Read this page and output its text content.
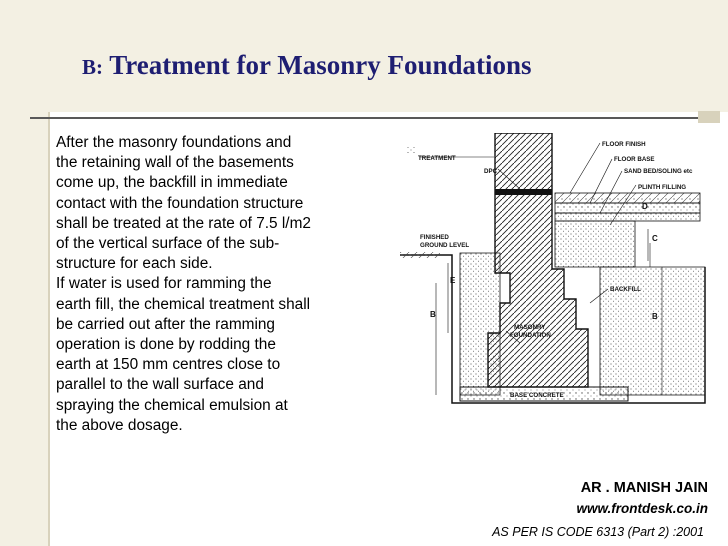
B: Treatment for Masonry Foundations
After the masonry foundations and
the retaining wall of the basements
come up, the backfill in immediate
contact with the foundation structure
shall be treated at the rate of 7.5 l/m2
of the vertical surface of the sub-
structure for each side.
If water is used for ramming the
earth fill, the chemical treatment shall
be carried out after the ramming
operation is done by rodding the
earth at 150 mm centres close to
parallel to the wall surface and
spraying the chemical emulsion at
the above dosage.
TREATMENT
DPC
FLOOR FINISH
FLOOR BASE
SAND BED/SOLING etc
PLINTH FILLING
FINISHED
GROUND LEVEL
BACKFILL
MASONRY
FOUNDATION
BASE CONCRETE
B
E
C
D
B
AR . MANISH JAIN
www.frontdesk.co.in
AS PER IS CODE 6313 (Part 2) :2001
